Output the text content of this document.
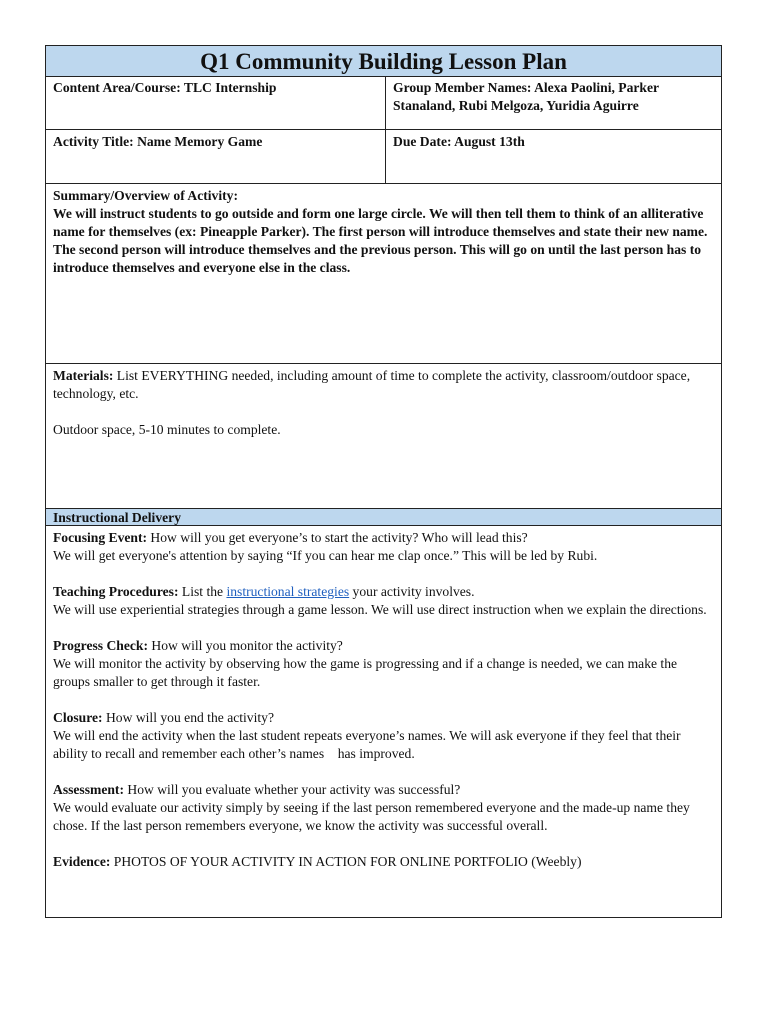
Q1 Community Building Lesson Plan
Content Area/Course: TLC Internship	Group Member Names: Alexa Paolini, Parker Stanaland, Rubi Melgoza, Yuridia Aguirre
Activity Title: Name Memory Game	Due Date: August 13th
Summary/Overview of Activity:
We will instruct students to go outside and form one large circle. We will then tell them to think of an alliterative name for themselves (ex: Pineapple Parker). The first person will introduce themselves and state their new name. The second person will introduce themselves and the previous person. This will go on until the last person has to introduce themselves and everyone else in the class.
Materials: List EVERYTHING needed, including amount of time to complete the activity, classroom/outdoor space, technology, etc.
Outdoor space, 5-10 minutes to complete.
Instructional Delivery

Focusing Event: How will you get everyone’s to start the activity? Who will lead this?
We will get everyone's attention by saying “If you can hear me clap once.” This will be led by Rubi.

Teaching Procedures: List the instructional strategies your activity involves.
We will use experiential strategies through a game lesson. We will use direct instruction when we explain the directions.

Progress Check: How will you monitor the activity?
We will monitor the activity by observing how the game is progressing and if a change is needed, we can make the groups smaller to get through it faster.

Closure: How will you end the activity?
We will end the activity when the last student repeats everyone’s names. We will ask everyone if they feel that their ability to recall and remember each other’s names    has improved.

Assessment: How will you evaluate whether your activity was successful?
We would evaluate our activity simply by seeing if the last person remembered everyone and the made-up name they chose. If the last person remembers everyone, we know the activity was successful overall.

Evidence: PHOTOS OF YOUR ACTIVITY IN ACTION FOR ONLINE PORTFOLIO (Weebly)
